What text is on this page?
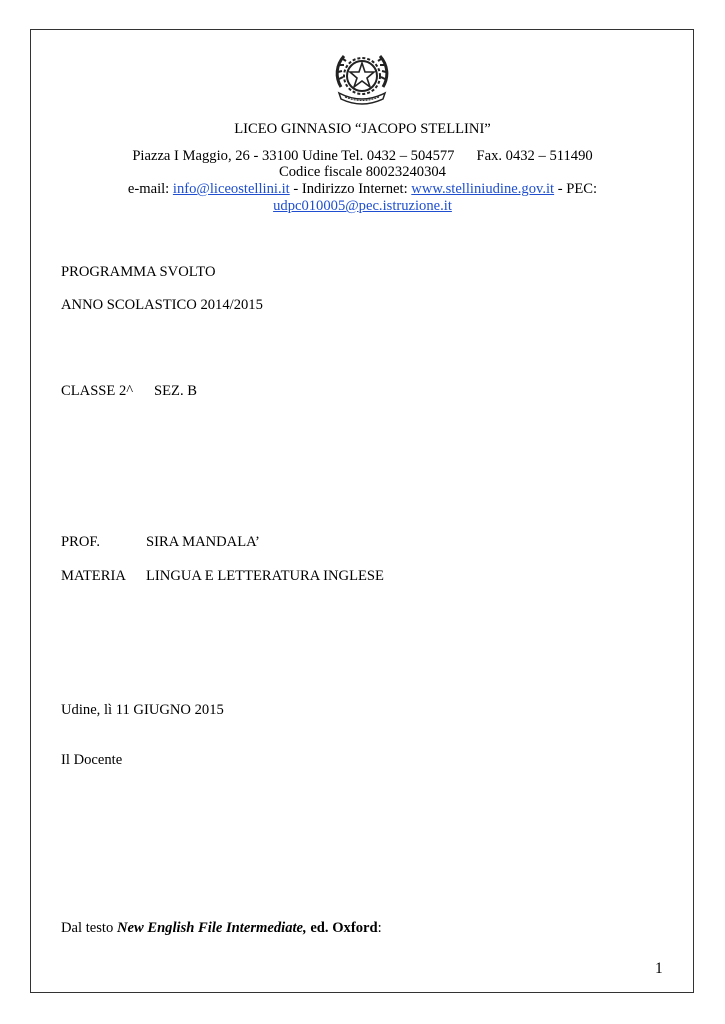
LICEO GINNASIO “JACOPO STELLINI”
Piazza I Maggio, 26 - 33100 Udine Tel. 0432 – 504577 Fax. 0432 – 511490
Codice fiscale 80023240304
e-mail: info@liceostellini.it - Indirizzo Internet: www.stelliniudine.gov.it - PEC:
udpc010005@pec.istruzione.it
PROGRAMMA SVOLTO
ANNO SCOLASTICO 2014/2015
CLASSE 2^ SEZ. B
PROF.	SIRA MANDALA’
MATERIA LINGUA E LETTERATURA INGLESE
Udine, lì 11 GIUGNO 2015
Il Docente
Dal testo New English File Intermediate, ed. Oxford:
1
